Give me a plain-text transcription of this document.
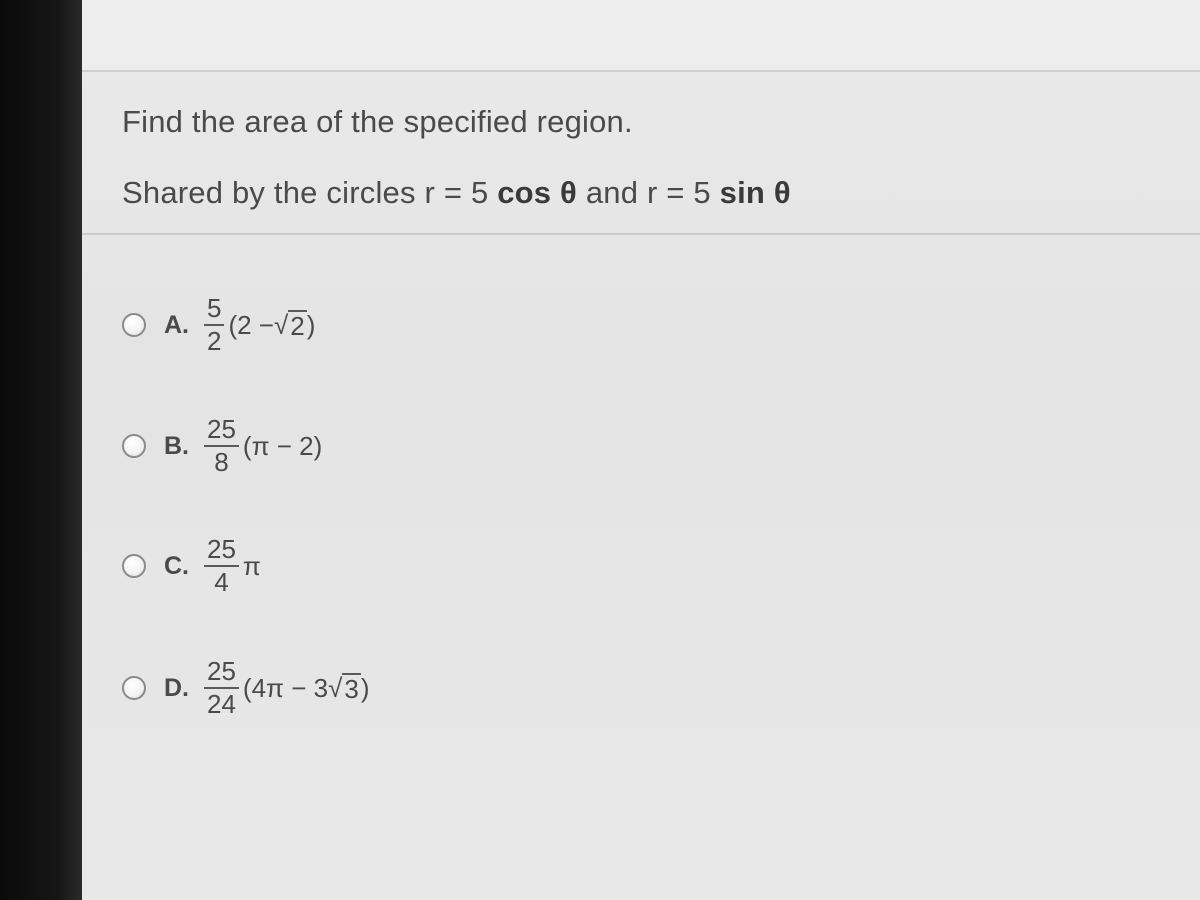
Find the area of the specified region.
Shared by the circles r = 5 cos θ and r = 5 sin θ
A. $\frac{5}{2} (2$ − √ 2 )
B. $\frac{25}{8} (\pi - 2)$
C. $\frac{25}{4}$ π
D. $\frac{25}{24} (4\pi - 3$ √ 3 )
